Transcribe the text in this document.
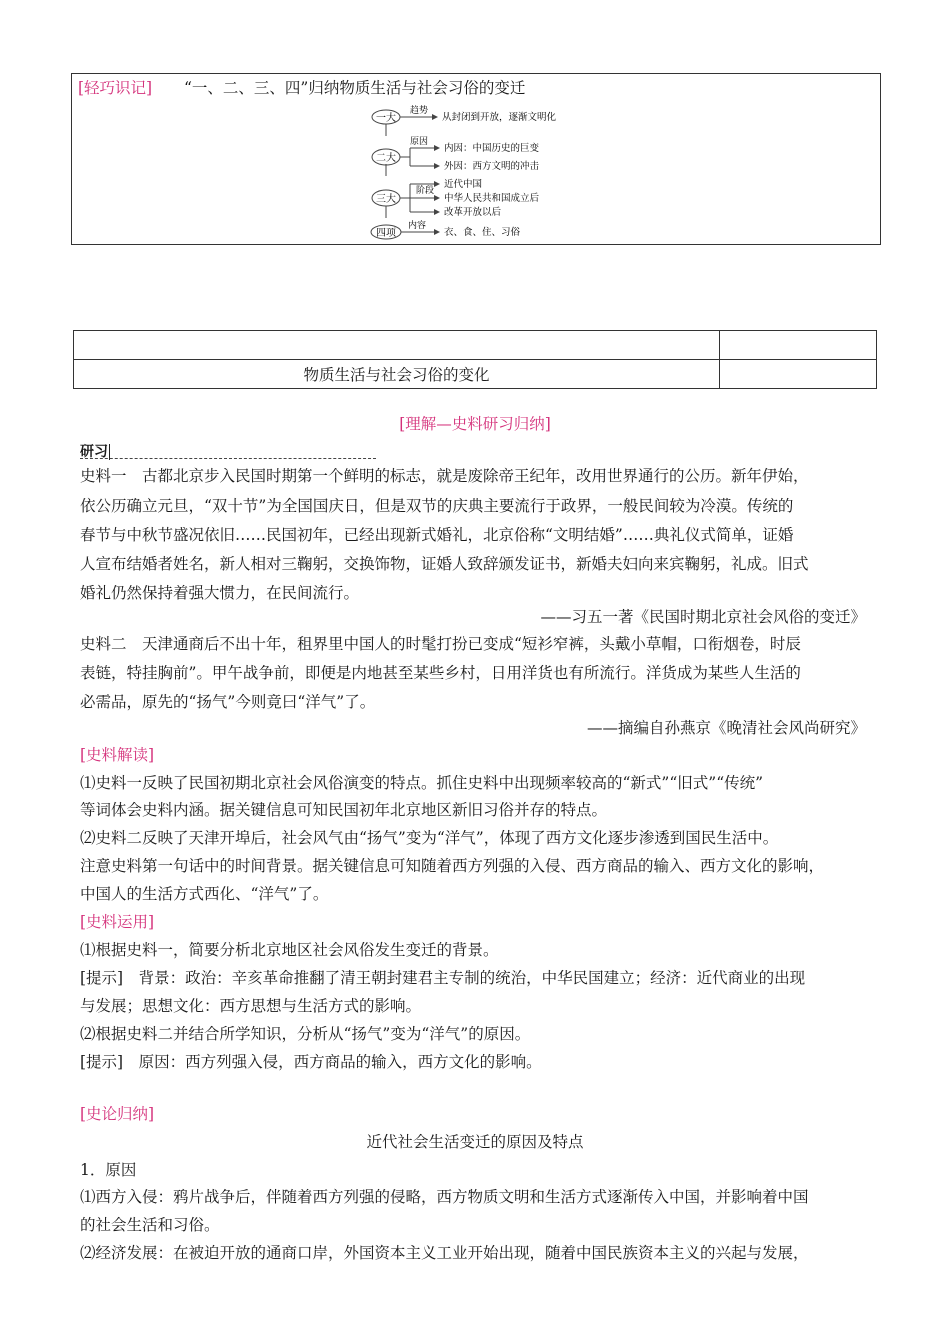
[轻巧识记] “一、二、三、四”归纳物质生活与社会习俗的变迁
一大
二大
三大
四项
趋势
原因
阶段
内容
从封闭到开放，逐渐文明化
内因：中国历史的巨变
外因：西方文明的冲击
近代中国
中华人民共和国成立后
改革开放以后
衣、食、住、习俗

物质生活与社会习俗的变化	
[理解—史料研习归纳]
研习
史料一　古都北京步入民国时期第一个鲜明的标志，就是废除帝王纪年，改用世界通行的公历。新年伊始，
依公历确立元旦，“双十节”为全国国庆日，但是双节的庆典主要流行于政界，一般民间较为冷漠。传统的
春节与中秋节盛况依旧……民国初年，已经出现新式婚礼，北京俗称“文明结婚”……典礼仪式简单，证婚
人宣布结婚者姓名，新人相对三鞠躬，交换饰物，证婚人致辞颁发证书，新婚夫妇向来宾鞠躬，礼成。旧式
婚礼仍然保持着强大惯力，在民间流行。
——习五一著《民国时期北京社会风俗的变迁》
史料二　天津通商后不出十年，租界里中国人的时髦打扮已变成“短衫窄裤，头戴小草帽，口衔烟卷，时辰
表链，特挂胸前”。甲午战争前，即便是内地甚至某些乡村，日用洋货也有所流行。洋货成为某些人生活的
必需品，原先的“扬气”今则竟曰“洋气”了。
——摘编自孙燕京《晚清社会风尚研究》
[史料解读]
⑴史料一反映了民国初期北京社会风俗演变的特点。抓住史料中出现频率较高的“新式”“旧式”“传统”
等词体会史料内涵。据关键信息可知民国初年北京地区新旧习俗并存的特点。
⑵史料二反映了天津开埠后，社会风气由“扬气”变为“洋气”，体现了西方文化逐步渗透到国民生活中。
注意史料第一句话中的时间背景。据关键信息可知随着西方列强的入侵、西方商品的输入、西方文化的影响，
中国人的生活方式西化、“洋气”了。
[史料运用]
⑴根据史料一，简要分析北京地区社会风俗发生变迁的背景。
[提示]　背景：政治：辛亥革命推翻了清王朝封建君主专制的统治，中华民国建立；经济：近代商业的出现
与发展；思想文化：西方思想与生活方式的影响。
⑵根据史料二并结合所学知识，分析从“扬气”变为“洋气”的原因。
[提示]　原因：西方列强入侵，西方商品的输入，西方文化的影响。
[史论归纳]
近代社会生活变迁的原因及特点
1．原因
⑴西方入侵：鸦片战争后，伴随着西方列强的侵略，西方物质文明和生活方式逐渐传入中国，并影响着中国
的社会生活和习俗。
⑵经济发展：在被迫开放的通商口岸，外国资本主义工业开始出现，随着中国民族资本主义的兴起与发展，
